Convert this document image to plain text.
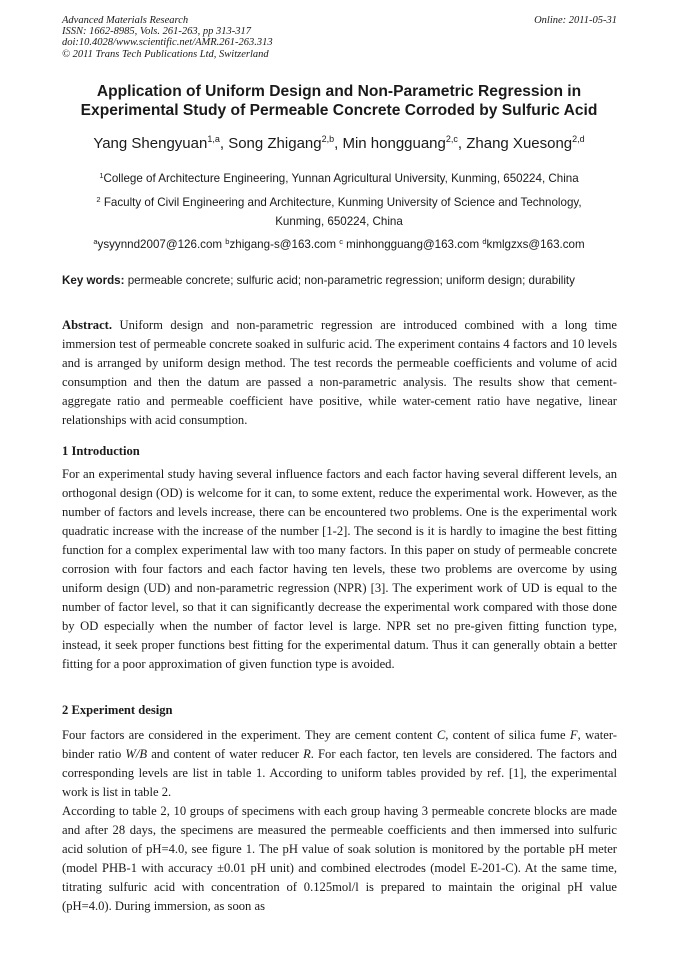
Advanced Materials Research
ISSN: 1662-8985, Vols. 261-263, pp 313-317
doi:10.4028/www.scientific.net/AMR.261-263.313
© 2011 Trans Tech Publications Ltd, Switzerland
Online: 2011-05-31
Application of Uniform Design and Non-Parametric Regression in
Experimental Study of Permeable Concrete Corroded by Sulfuric Acid
Yang Shengyuan$^{1,a}$, Song Zhigang$^{2,b}$, Min hongguang$^{2,c}$, Zhang Xuesong$^{2,d}$
$^1$College of Architecture Engineering, Yunnan Agricultural University, Kunming, 650224, China
$^2$ Faculty of Civil Engineering and Architecture, Kunming University of Science and Technology,
Kunming, 650224, China
$^a$ysyynnd2007@126.com $^b$zhigang-s@163.com $^c$ minhongguang@163.com $^d$kmlgzxs@163.com
Key words: permeable concrete; sulfuric acid; non-parametric regression; uniform design; durability

Abstract. Uniform design and non-parametric regression are introduced combined with a long time immersion test of permeable concrete soaked in sulfuric acid. The experiment contains 4 factors and 10 levels and is arranged by uniform design method. The test records the permeable coefficients and volume of acid consumption and then the datum are passed a non-parametric analysis. The results show that cement-aggregate ratio and permeable coefficient have positive, while water-cement ratio have negative, linear relationships with acid consumption.

1 Introduction

For an experimental study having several influence factors and each factor having several different levels, an orthogonal design (OD) is welcome for it can, to some extent, reduce the experimental work. However, as the number of factors and levels increase, there can be encountered two problems. One is the experimental work quadratic increase with the increase of the number [1-2]. The second is it is hardly to imagine the best fitting function for a complex experimental law with too many factors. In this paper on study of permeable concrete corrosion with four factors and each factor having ten levels, these two problems are overcome by using uniform design (UD) and non-parametric regression (NPR) [3]. The experiment work of UD is equal to the number of factor level, so that it can significantly decrease the experimental work compared with those done by OD especially when the number of factor level is large. NPR set no pre-given fitting function type, instead, it seek proper functions best fitting for the experimental datum. Thus it can generally obtain a better fitting for a poor approximation of given function type is avoided.

2 Experiment design

Four factors are considered in the experiment. They are cement content C, content of silica fume F, water-binder ratio W/B and content of water reducer R. For each factor, ten levels are considered. The factors and corresponding levels are list in table 1. According to uniform tables provided by ref. [1], the experimental work is list in table 2.

According to table 2, 10 groups of specimens with each group having 3 permeable concrete blocks are made and after 28 days, the specimens are measured the permeable coefficients and then immersed into sulfuric acid solution of pH=4.0, see figure 1. The pH value of soak solution is monitored by the portable pH meter (model PHB-1 with accuracy ±0.01 pH unit) and combined electrodes (model E-201-C). At the same time, titrating sulfuric acid with concentration of 0.125mol/l is prepared to maintain the original pH value (pH=4.0). During immersion, as soon as
